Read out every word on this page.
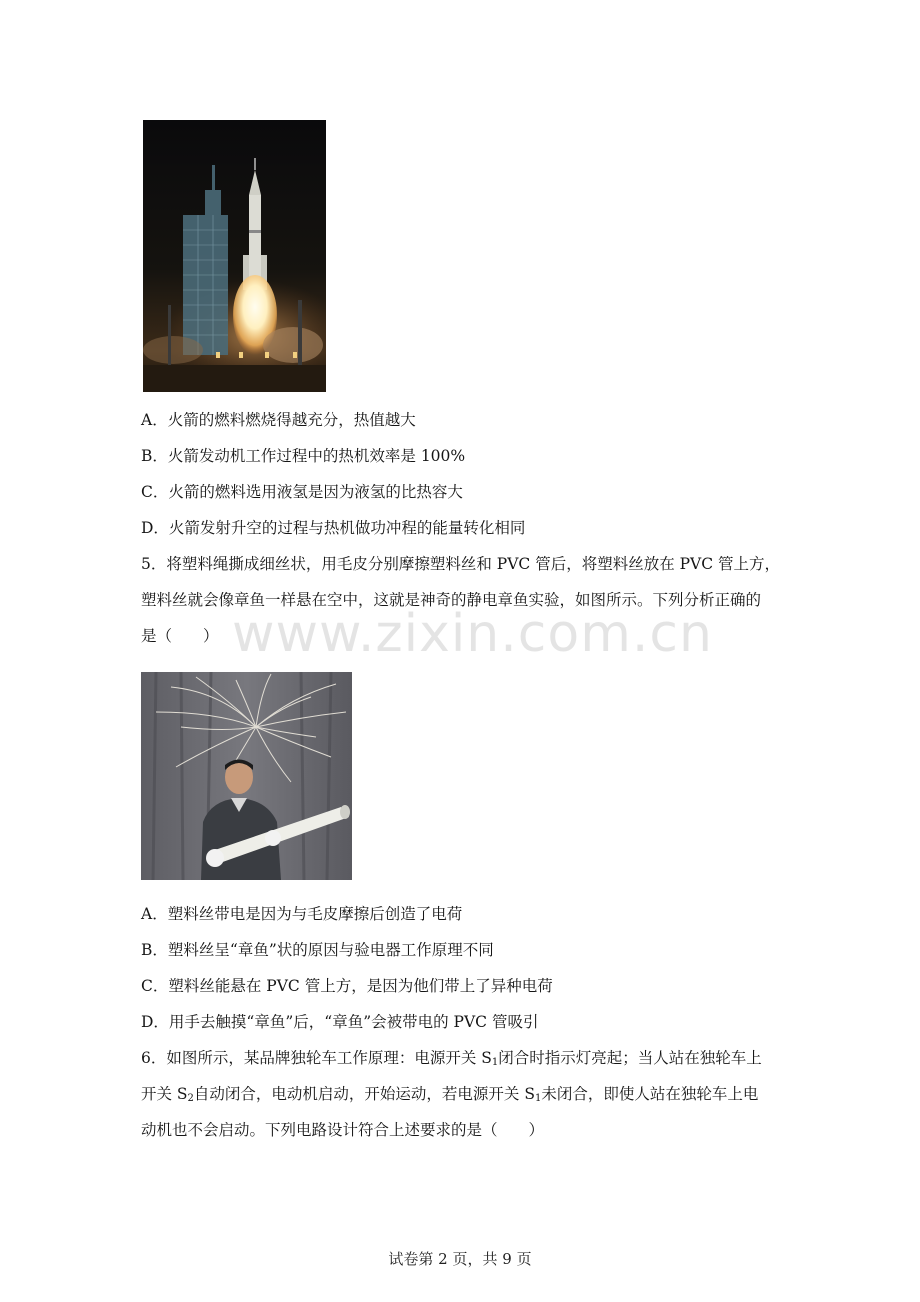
A．火箭的燃料燃烧得越充分，热值越大
B．火箭发动机工作过程中的热机效率是 100%
C．火箭的燃料选用液氢是因为液氢的比热容大
D．火箭发射升空的过程与热机做功冲程的能量转化相同
5．将塑料绳撕成细丝状，用毛皮分别摩擦塑料丝和 PVC 管后，将塑料丝放在 PVC 管上方，
塑料丝就会像章鱼一样悬在空中，这就是神奇的静电章鱼实验，如图所示。下列分析正确的
是（　　） www.zixin.com.cn
A．塑料丝带电是因为与毛皮摩擦后创造了电荷
B．塑料丝呈“章鱼”状的原因与验电器工作原理不同
C．塑料丝能悬在 PVC 管上方，是因为他们带上了异种电荷
D．用手去触摸“章鱼”后，“章鱼”会被带电的 PVC 管吸引
6．如图所示，某品牌独轮车工作原理：电源开关 $S_1$闭合时指示灯亮起；当人站在独轮车上
开关 $S_2$自动闭合，电动机启动，开始运动，若电源开关 $S_1$未闭合，即使人站在独轮车上电
动机也不会启动。下列电路设计符合上述要求的是（　　）
试卷第 2 页，共 9 页
